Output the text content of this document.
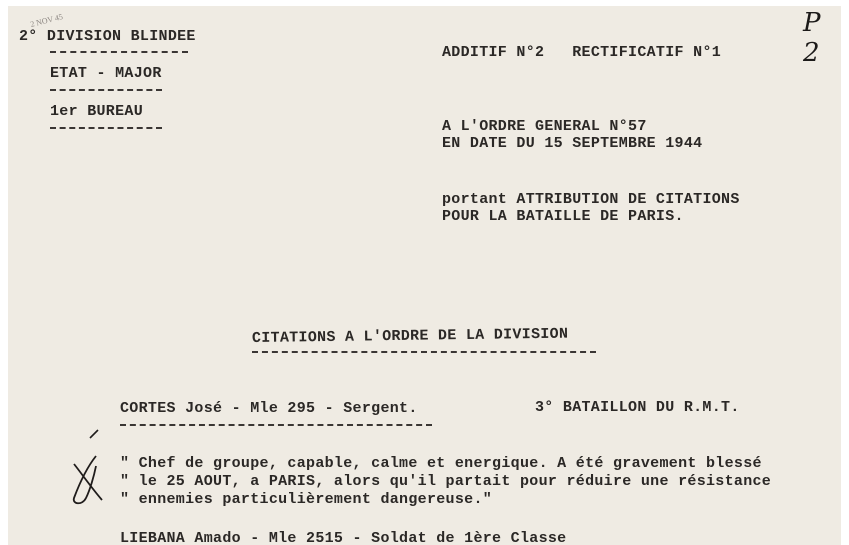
2 NOV 45	P 2
2° DIVISION BLINDEE
ETAT - MAJOR
1er BUREAU
ADDITIF N°2   RECTIFICATIF N°1
A L'ORDRE GENERAL N°57
EN DATE DU 15 SEPTEMBRE 1944
portant ATTRIBUTION DE CITATIONS
POUR LA BATAILLE DE PARIS.
CITATIONS A L'ORDRE DE LA DIVISION
CORTES José - Mle 295 - Sergent.	3° BATAILLON DU R.M.T.
" Chef de groupe, capable, calme et energique. A été gravement blessé
" le 25 AOUT, a PARIS, alors qu'il partait pour réduire une résistance
" ennemies particulièrement dangereuse."
LIEBANA Amado - Mle 2515 - Soldat de 1ère Classe
